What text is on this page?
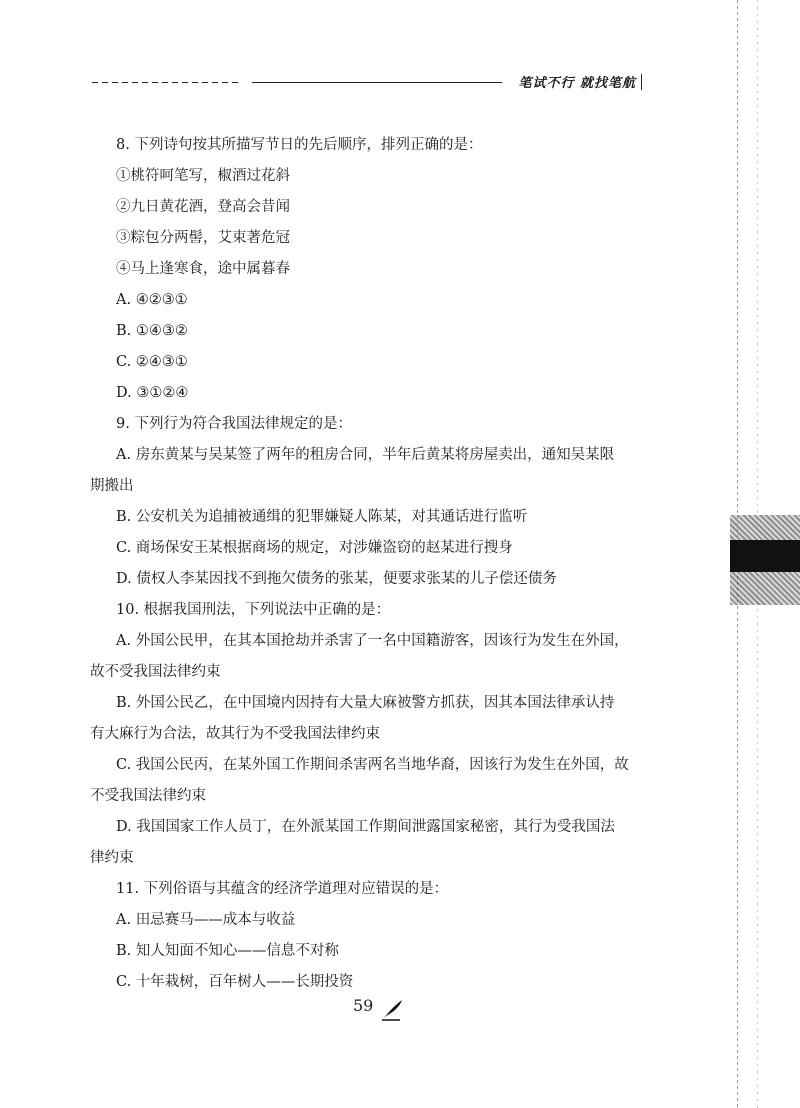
笔试不行 就找笔航
8. 下列诗句按其所描写节日的先后顺序，排列正确的是：
①桃符呵笔写，椒酒过花斜
②九日黄花酒，登高会昔闻
③粽包分两髻，艾束著危冠
④马上逢寒食，途中属暮春
A. ④②③①
B. ①④③②
C. ②④③①
D. ③①②④
9. 下列行为符合我国法律规定的是：
A. 房东黄某与吴某签了两年的租房合同，半年后黄某将房屋卖出，通知吴某限
期搬出
B. 公安机关为追捕被通缉的犯罪嫌疑人陈某，对其通话进行监听
C. 商场保安王某根据商场的规定，对涉嫌盗窃的赵某进行搜身
D. 债权人李某因找不到拖欠债务的张某，便要求张某的儿子偿还债务
10. 根据我国刑法，下列说法中正确的是：
A. 外国公民甲，在其本国抢劫并杀害了一名中国籍游客，因该行为发生在外国，
故不受我国法律约束
B. 外国公民乙，在中国境内因持有大量大麻被警方抓获，因其本国法律承认持
有大麻行为合法，故其行为不受我国法律约束
C. 我国公民丙，在某外国工作期间杀害两名当地华裔，因该行为发生在外国，故
不受我国法律约束
D. 我国国家工作人员丁，在外派某国工作期间泄露国家秘密，其行为受我国法
律约束
11. 下列俗语与其蕴含的经济学道理对应错误的是：
A. 田忌赛马——成本与收益
B. 知人知面不知心——信息不对称
C. 十年栽树，百年树人——长期投资
59
